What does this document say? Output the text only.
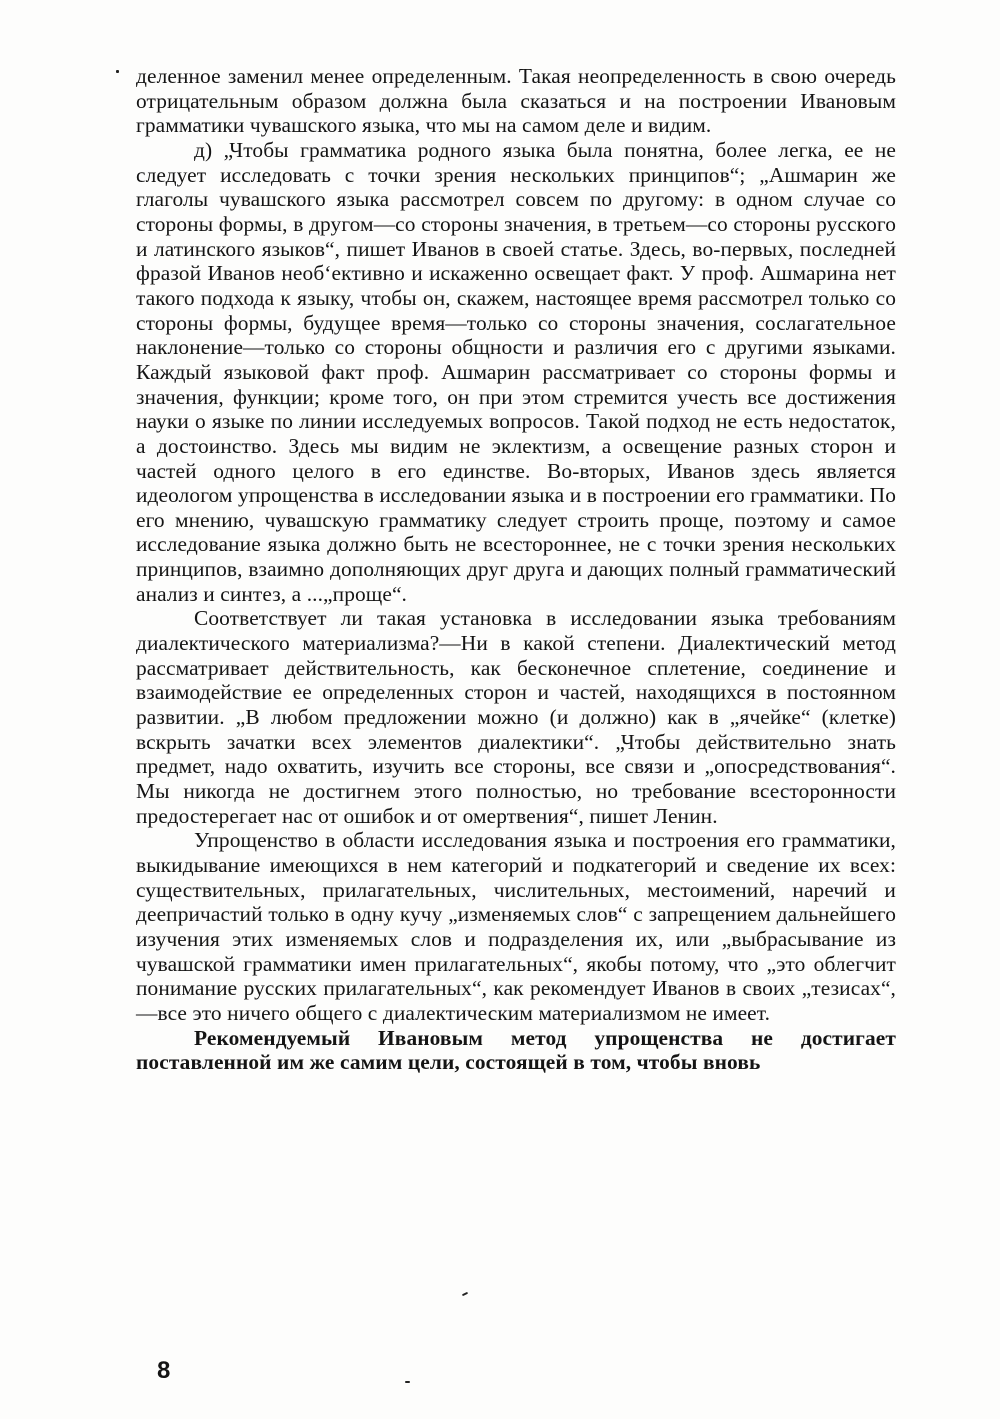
деленное заменил менее определенным. Такая неопределенность в свою очередь отрицательным образом должна была сказаться и на построении Ивановым грамматики чувашского языка, что мы на самом деле и видим.

д) „Чтобы грамматика родного языка была понятна, более легка, ее не следует исследовать с точки зрения нескольких принципов“; „Ашмарин же глаголы чувашского языка рассмотрел совсем по другому: в одном случае со стороны формы, в другом—со стороны значения, в третьем—со стороны русского и латинского языков“, пишет Иванов в своей статье. Здесь, во-первых, последней фразой Иванов необ‘ективно и искаженно освещает факт. У проф. Ашмарина нет такого подхода к языку, чтобы он, скажем, настоящее время рассмотрел только со стороны формы, будущее время—только со стороны значения, сослагательное наклонение—только со стороны общности и различия его с другими языками. Каждый языковой факт проф. Ашмарин рассматривает со стороны формы и значения, функции; кроме того, он при этом стремится учесть все достижения науки о языке по линии исследуемых вопросов. Такой подход не есть недостаток, а достоинство. Здесь мы видим не эклектизм, а освещение разных сторон и частей одного целого в его единстве. Во-вторых, Иванов здесь является идеологом упрощенства в исследовании языка и в построении его грамматики. По его мнению, чувашскую грамматику следует строить проще, поэтому и самое исследование языка должно быть не всестороннее, не с точки зрения нескольких принципов, взаимно дополняющих друг друга и дающих полный грамматический анализ и синтез, а ...„проще“.

Соответствует ли такая установка в исследовании языка требованиям диалектического материализма?—Ни в какой степени. Диалектический метод рассматривает действительность, как бесконечное сплетение, соединение и взаимодействие ее определенных сторон и частей, находящихся в постоянном развитии. „В любом предложении можно (и должно) как в „ячейке“ (клетке) вскрыть зачатки всех элементов диалектики“. „Чтобы действительно знать предмет, надо охватить, изучить все стороны, все связи и „опосредствования“. Мы никогда не достигнем этого полностью, но требование всесторонности предостерегает нас от ошибок и от омертвения“, пишет Ленин.

Упрощенство в области исследования языка и построения его грамматики, выкидывание имеющихся в нем категорий и подкатегорий и сведение их всех: существительных, прилагательных, числительных, местоимений, наречий и деепричастий только в одну кучу „изменяемых слов“ с запрещением дальнейшего изучения этих изменяемых слов и подразделения их, или „выбрасывание из чувашской грамматики имен прилагательных“, якобы потому, что „это облегчит понимание русских прилагательных“, как рекомендует Иванов в своих „тезисах“,—все это ничего общего с диалектическим материализмом не имеет.

Рекомендуемый Ивановым метод упрощенства не достигает поставленной им же самим цели, состоящей в том, чтобы вновь

8
